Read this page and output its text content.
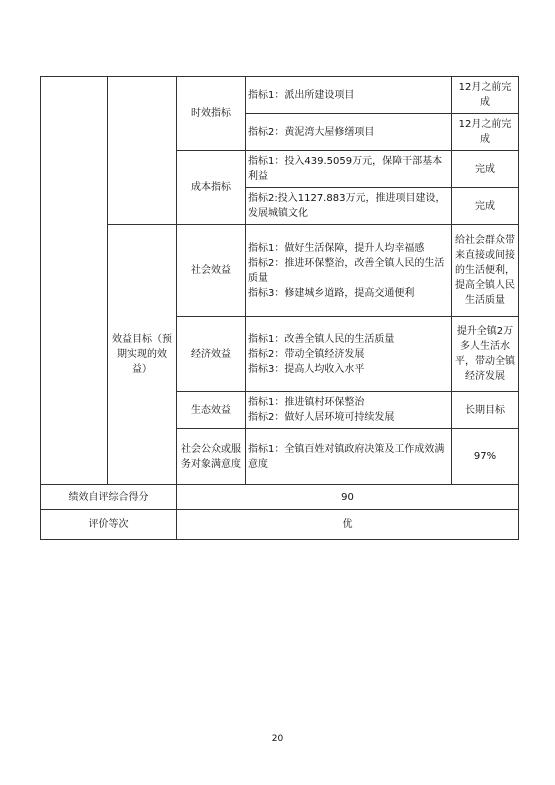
		时效指标	指标1：派出所建设项目	12月之前完成
			指标2：黄泥湾大屋修缮项目	12月之前完成
		成本指标	指标1：投入439.5059万元，保障干部基本利益	完成
			指标2:投入1127.883万元，推进项目建设，发展城镇文化	完成
	效益目标（预期实现的效益）	社会效益	指标1：做好生活保障，提升人均幸福感
指标2：推进环保整治，改善全镇人民的生活质量
指标3：修建城乡道路，提高交通便利	给社会群众带来直接或间接的生活便利，提高全镇人民生活质量

		经济效益	指标1：改善全镇人民的生活质量
指标2：带动全镇经济发展
指标3：提高人均收入水平	提升全镇2万多人生活水平，带动全镇经济发展

		生态效益	指标1：推进镇村环保整治
指标2：做好人居环境可持续发展	长期目标
		社会公众或服务对象满意度	指标1：全镇百姓对镇政府决策及工作成效满意度	97%
绩效自评综合得分		90		
评价等次		优		
20
